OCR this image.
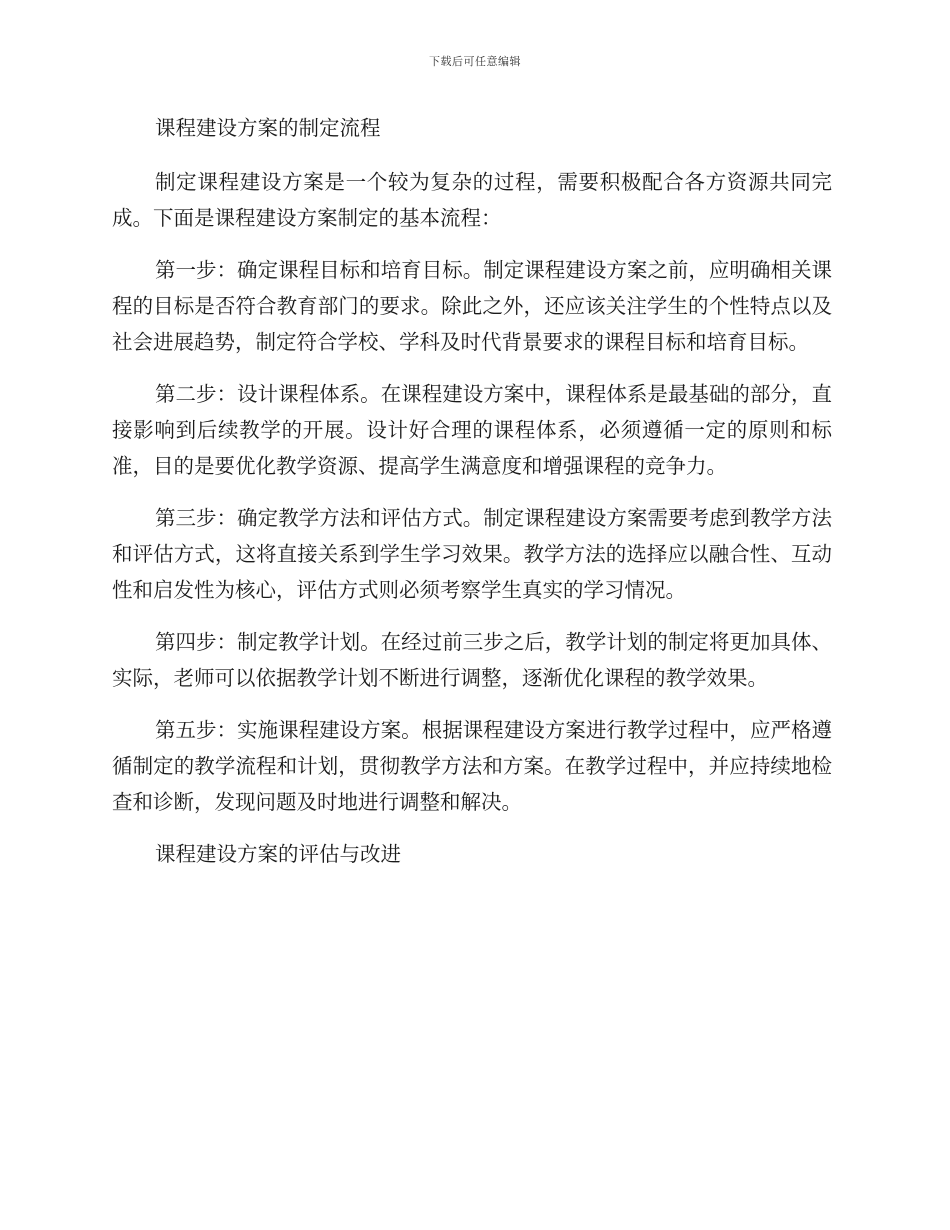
下载后可任意编辑

课程建设方案的制定流程

制定课程建设方案是一个较为复杂的过程，需要积极配合各方资源共同完成。下面是课程建设方案制定的基本流程：

第一步：确定课程目标和培育目标。制定课程建设方案之前，应明确相关课程的目标是否符合教育部门的要求。除此之外，还应该关注学生的个性特点以及社会进展趋势，制定符合学校、学科及时代背景要求的课程目标和培育目标。

第二步：设计课程体系。在课程建设方案中，课程体系是最基础的部分，直接影响到后续教学的开展。设计好合理的课程体系，必须遵循一定的原则和标准，目的是要优化教学资源、提高学生满意度和增强课程的竞争力。

第三步：确定教学方法和评估方式。制定课程建设方案需要考虑到教学方法和评估方式，这将直接关系到学生学习效果。教学方法的选择应以融合性、互动性和启发性为核心，评估方式则必须考察学生真实的学习情况。

第四步：制定教学计划。在经过前三步之后，教学计划的制定将更加具体、实际，老师可以依据教学计划不断进行调整，逐渐优化课程的教学效果。

第五步：实施课程建设方案。根据课程建设方案进行教学过程中，应严格遵循制定的教学流程和计划，贯彻教学方法和方案。在教学过程中，并应持续地检查和诊断，发现问题及时地进行调整和解决。

课程建设方案的评估与改进
